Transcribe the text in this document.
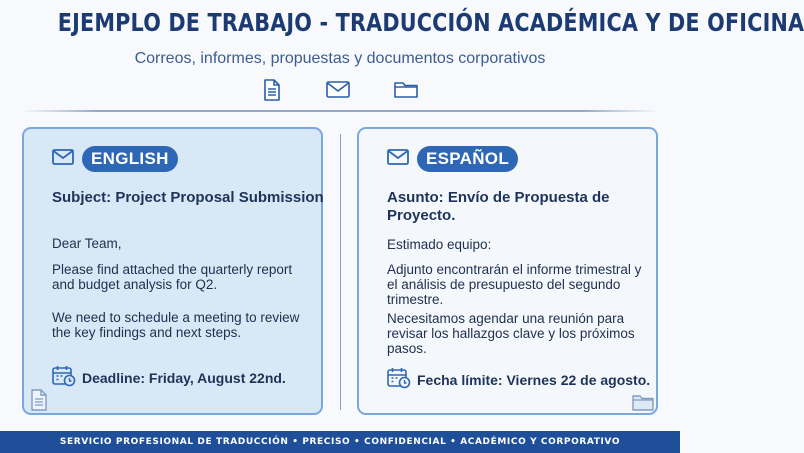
EJEMPLO DE TRABAJO - TRADUCCIÓN ACADÉMICA Y DE OFICINA
Correos, informes, propuestas y documentos corporativos
ENGLISH
Subject: Project Proposal Submission
Dear Team,
Please find attached the quarterly report and budget analysis for Q2.
We need to schedule a meeting to review the key findings and next steps.
Deadline: Friday, August 22nd.
ESPAÑOL
Asunto: Envío de Propuesta de Proyecto.
Estimado equipo:
Adjunto encontrarán el informe trimestral y el análisis de presupuesto del segundo trimestre.
Necesitamos agendar una reunión para revisar los hallazgos clave y los próximos pasos.
Fecha límite: Viernes 22 de agosto.
SERVICIO PROFESIONAL DE TRADUCCIÓN • PRECISO • CONFIDENCIAL • ACADÉMICO Y CORPORATIVO
